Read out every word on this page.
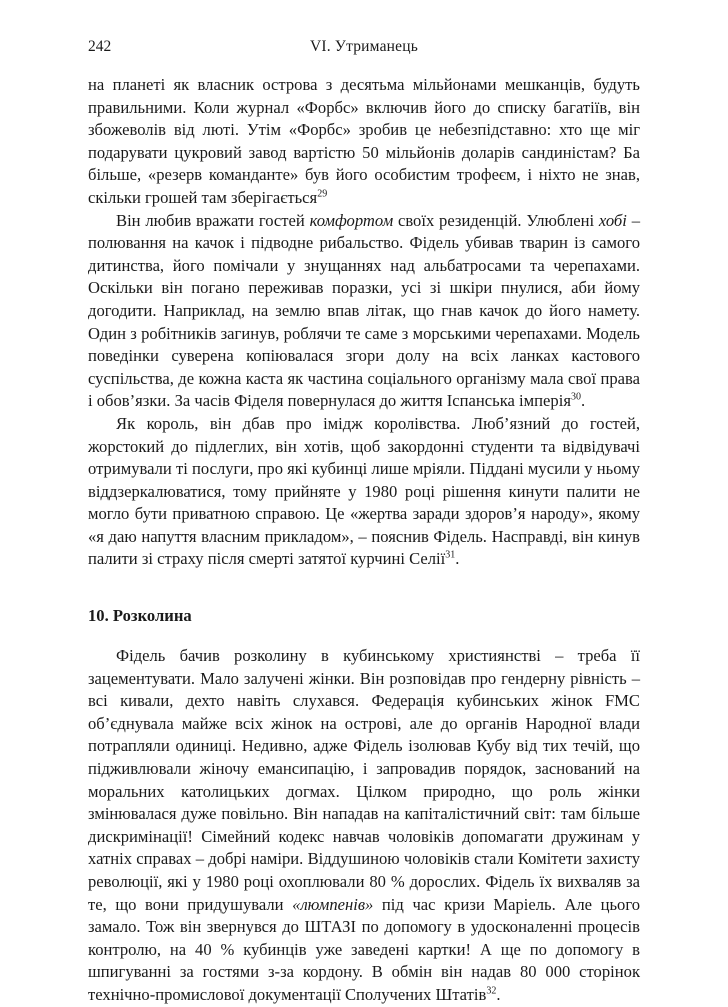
242	VI. Утриманець

на планеті як власник острова з десятьма мільйонами мешканців, будуть правильними. Коли журнал «Форбс» включив його до списку багатіїв, він збожеволів від люті. Утім «Форбс» зробив це небезпідставно: хто ще міг подарувати цукровий завод вартістю 50 мільйонів доларів сандиністам? Ба більше, «резерв команданте» був його особистим трофеєм, і ніхто не знав, скільки грошей там зберігається$^{29}$

Він любив вражати гостей комфортом своїх резиденцій. Улюблені хобі – полювання на качок і підводне рибальство. Фідель убивав тварин із самого дитинства, його помічали у знущаннях над альбатросами та черепахами. Оскільки він погано переживав поразки, усі зі шкіри пнулися, аби йому догодити. Наприклад, на землю впав літак, що гнав качок до його намету. Один з робітників загинув, роблячи те саме з морськими черепахами. Модель поведінки суверена копіювалася згори долу на всіх ланках кастового суспільства, де кожна каста як частина соціального організму мала свої права і обов’язки. За часів Фіделя повернулася до життя Іспанська імперія$^{30}$.

Як король, він дбав про імідж королівства. Люб’язний до гостей, жорстокий до підлеглих, він хотів, щоб закордонні студенти та відвідувачі отримували ті послуги, про які кубинці лише мріяли. Піддані мусили у ньому віддзеркалюватися, тому прийняте у 1980 році рішення кинути палити не могло бути приватною справою. Це «жертва заради здоров’я народу», якому «я даю напуття власним прикладом», – пояснив Фідель. Насправді, він кинув палити зі страху після смерті затятої курчині Селії$^{31}$.

10. Розколина

Фідель бачив розколину в кубинському християнстві – треба її зацементувати. Мало залучені жінки. Він розповідав про гендерну рівність – всі кивали, дехто навіть слухався. Федерація кубинських жінок FMC об’єднувала майже всіх жінок на острові, але до органів Народної влади потрапляли одиниці. Недивно, адже Фідель ізолював Кубу від тих течій, що підживлювали жіночу емансипацію, і запровадив порядок, заснований на моральних католицьких догмах. Цілком природно, що роль жінки змінювалася дуже повільно. Він нападав на капіталістичний світ: там більше дискримінації! Сімейний кодекс навчав чоловіків допомагати дружинам у хатніх справах – добрі наміри. Віддушиною чоловіків стали Комітети захисту революції, які у 1980 році охоплювали 80 % дорослих. Фідель їх вихваляв за те, що вони придушували «люмпенів» під час кризи Маріель. Але цього замало. Тож він звернувся до ШТАЗІ по допомогу в удосконаленні процесів контролю, на 40 % кубинців уже заведені картки! А ще по допомогу в шпигуванні за гостями з-за кордону. В обмін він надав 80 000 сторінок технічно-промислової документації Сполучених Штатів$^{32}$.
